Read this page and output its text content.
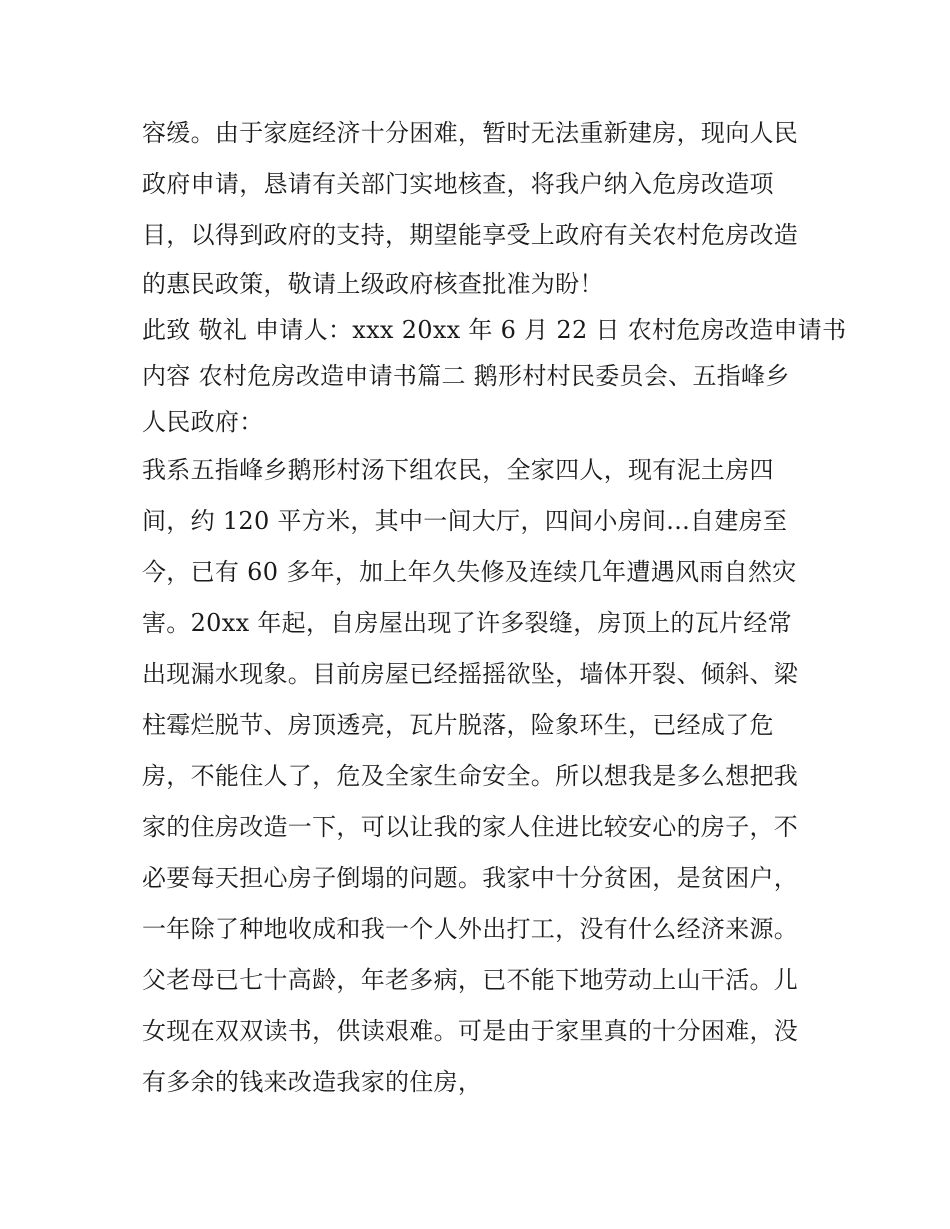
容缓。由于家庭经济十分困难，暂时无法重新建房，现向人民
政府申请，恳请有关部门实地核查，将我户纳入危房改造项
目，以得到政府的支持，期望能享受上政府有关农村危房改造
的惠民政策，敬请上级政府核查批准为盼！
此致 敬礼 申请人：xxx 20xx 年 6 月 22 日 农村危房改造申请书
内容 农村危房改造申请书篇二 鹅形村村民委员会、五指峰乡
人民政府：
我系五指峰乡鹅形村汤下组农民，全家四人，现有泥土房四
间，约 120 平方米，其中一间大厅，四间小房间...自建房至
今，已有 60 多年，加上年久失修及连续几年遭遇风雨自然灾
害。20xx 年起，自房屋出现了许多裂缝，房顶上的瓦片经常
出现漏水现象。目前房屋已经摇摇欲坠，墙体开裂、倾斜、梁
柱霉烂脱节、房顶透亮，瓦片脱落，险象环生，已经成了危
房，不能住人了，危及全家生命安全。所以想我是多么想把我
家的住房改造一下，可以让我的家人住进比较安心的房子，不
必要每天担心房子倒塌的问题。我家中十分贫困，是贫困户，
一年除了种地收成和我一个人外出打工，没有什么经济来源。
父老母已七十高龄，年老多病，已不能下地劳动上山干活。儿
女现在双双读书，供读艰难。可是由于家里真的十分困难，没
有多余的钱来改造我家的住房，
